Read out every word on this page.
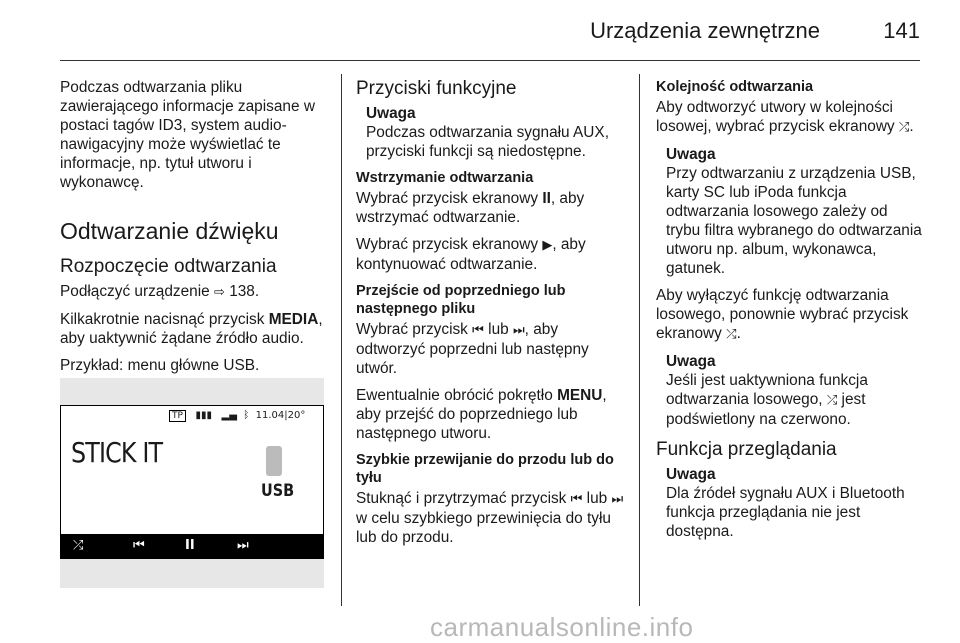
Urządzenia zewnętrzne	141

Podczas odtwarzania pliku zawierającego informacje zapisane w postaci tagów ID3, system audio-nawigacyjny może wyświetlać te informacje, np. tytuł utworu i wykonawcę.

Odtwarzanie dźwięku
Rozpoczęcie odtwarzania

Podłączyć urządzenie ⇨ 138.

Kilkakrotnie nacisnąć przycisk MEDIA, aby uaktywnić żądane źródło audio.

Przykład: menu główne USB.

TP ▮▮▮ ▂▄ ᛒ 11.04|20°
STICK IT
USB
⤮	⏮	II	⏭
Przyciski funkcyjne
Uwaga
Podczas odtwarzania sygnału AUX, przyciski funkcji są niedostępne.
Wstrzymanie odtwarzania

Wybrać przycisk ekranowy II, aby wstrzymać odtwarzanie.

Wybrać przycisk ekranowy ▶, aby kontynuować odtwarzanie.

Przejście od poprzedniego lub następnego pliku

Wybrać przycisk ⏮ lub ⏭, aby odtworzyć poprzedni lub następny utwór.

Ewentualnie obrócić pokrętło MENU, aby przejść do poprzedniego lub następnego utworu.

Szybkie przewijanie do przodu lub do tyłu

Stuknąć i przytrzymać przycisk ⏮ lub ⏭ w celu szybkiego przewinięcia do tyłu lub do przodu.

Kolejność odtwarzania

Aby odtworzyć utwory w kolejności losowej, wybrać przycisk ekranowy ⤮.

Uwaga
Przy odtwarzaniu z urządzenia USB, karty SC lub iPoda funkcja odtwarzania losowego zależy od trybu filtra wybranego do odtwarzania utworu np. album, wykonawca, gatunek.

Aby wyłączyć funkcję odtwarzania losowego, ponownie wybrać przycisk ekranowy ⤮.

Uwaga
Jeśli jest uaktywniona funkcja odtwarzania losowego, ⤮ jest podświetlony na czerwono.
Funkcja przeglądania
Uwaga
Dla źródeł sygnału AUX i Bluetooth funkcja przeglądania nie jest dostępna.
carmanualsonline.info
